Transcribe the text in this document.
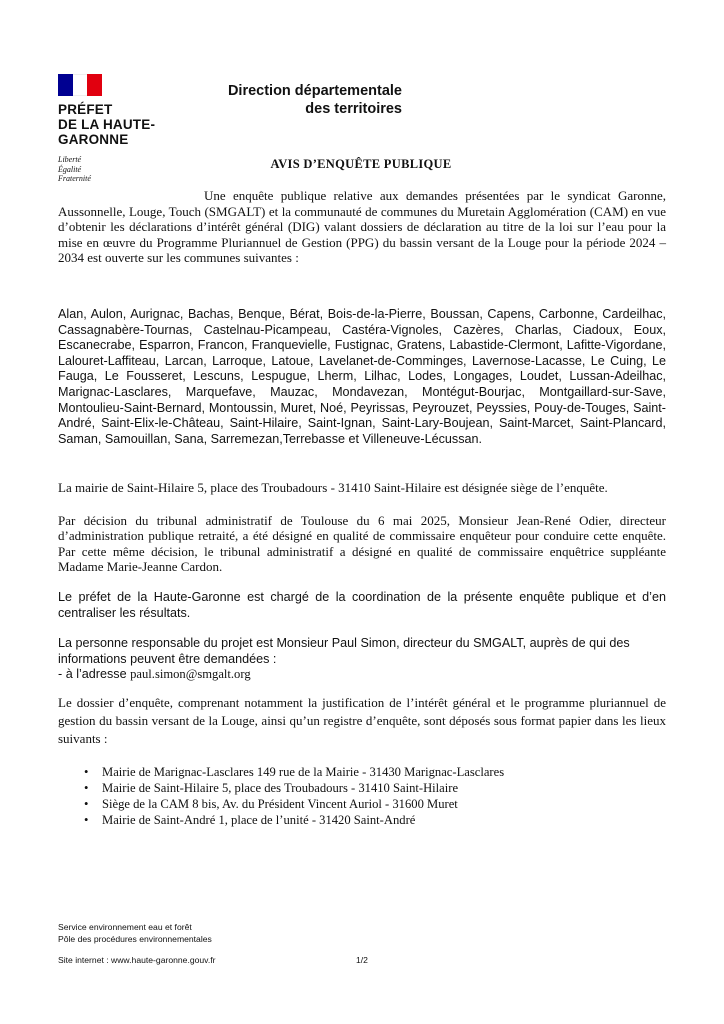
PRÉFET
DE LA HAUTE-
GARONNE
Liberté
Égalité
Fraternité
Direction départementale
des territoires
AVIS D’ENQUÊTE PUBLIQUE
Une enquête publique relative aux demandes présentées par le syndicat Garonne, Aussonnelle, Louge, Touch (SMGALT) et la communauté de communes du Muretain Agglomération (CAM) en vue d’obtenir les déclarations d’intérêt général (DIG) valant dossiers de déclaration au titre de la loi sur l’eau pour la mise en œuvre du Programme Pluriannuel de Gestion (PPG) du bassin versant de la Louge pour la période 2024 – 2034 est ouverte sur les communes suivantes :
Alan, Aulon, Aurignac, Bachas, Benque, Bérat, Bois-de-la-Pierre, Boussan, Capens, Carbonne, Cardeilhac, Cassagnabère-Tournas, Castelnau-Picampeau, Castéra-Vignoles, Cazères, Charlas, Ciadoux, Eoux, Escanecrabe, Esparron, Francon, Franquevielle, Fustignac, Gratens, Labastide-Clermont, Lafitte-Vigordane, Lalouret-Laffiteau, Larcan, Larroque, Latoue, Lavelanet-de-Comminges, Lavernose-Lacasse, Le Cuing, Le Fauga, Le Fousseret, Lescuns, Lespugue, Lherm, Lilhac, Lodes, Longages, Loudet, Lussan-Adeilhac, Marignac-Lasclares, Marquefave, Mauzac, Mondavezan, Montégut-Bourjac, Montgaillard-sur-Save, Montoulieu-Saint-Bernard, Montoussin, Muret, Noé, Peyrissas, Peyrouzet, Peyssies, Pouy-de-Touges, Saint-André, Saint-Elix-le-Château, Saint-Hilaire, Saint-Ignan, Saint-Lary-Boujean, Saint-Marcet, Saint-Plancard, Saman, Samouillan, Sana, Sarremezan,Terrebasse et Villeneuve-Lécussan.
La mairie de Saint-Hilaire 5, place des Troubadours - 31410 Saint-Hilaire est désignée siège de l’enquête.
Par décision du tribunal administratif de Toulouse du 6 mai 2025, Monsieur Jean-René Odier, directeur d’administration publique retraité, a été désigné en qualité de commissaire enquêteur pour conduire cette enquête. Par cette même décision, le tribunal administratif a désigné en qualité de commissaire enquêtrice suppléante Madame Marie-Jeanne Cardon.
Le préfet de la Haute-Garonne est chargé de la coordination de la présente enquête publique et d’en centraliser les résultats.
La personne responsable du projet est Monsieur Paul Simon, directeur du SMGALT, auprès de qui des informations peuvent être demandées :
- à l’adresse paul.simon@smgalt.org
Le dossier d’enquête, comprenant notamment la justification de l’intérêt général et le programme pluriannuel de gestion du bassin versant de la Louge, ainsi qu’un registre d’enquête, sont déposés sous format papier dans les lieux suivants :
• Mairie de Marignac-Lasclares 149 rue de la Mairie - 31430 Marignac-Lasclares
• Mairie de Saint-Hilaire 5, place des Troubadours - 31410 Saint-Hilaire
• Siège de la CAM 8 bis, Av. du Président Vincent Auriol - 31600 Muret
• Mairie de Saint-André 1, place de l’unité - 31420 Saint-André
Service environnement eau et forêt
Pôle des procédures environnementales
Site internet : www.haute-garonne.gouv.fr	1/2
